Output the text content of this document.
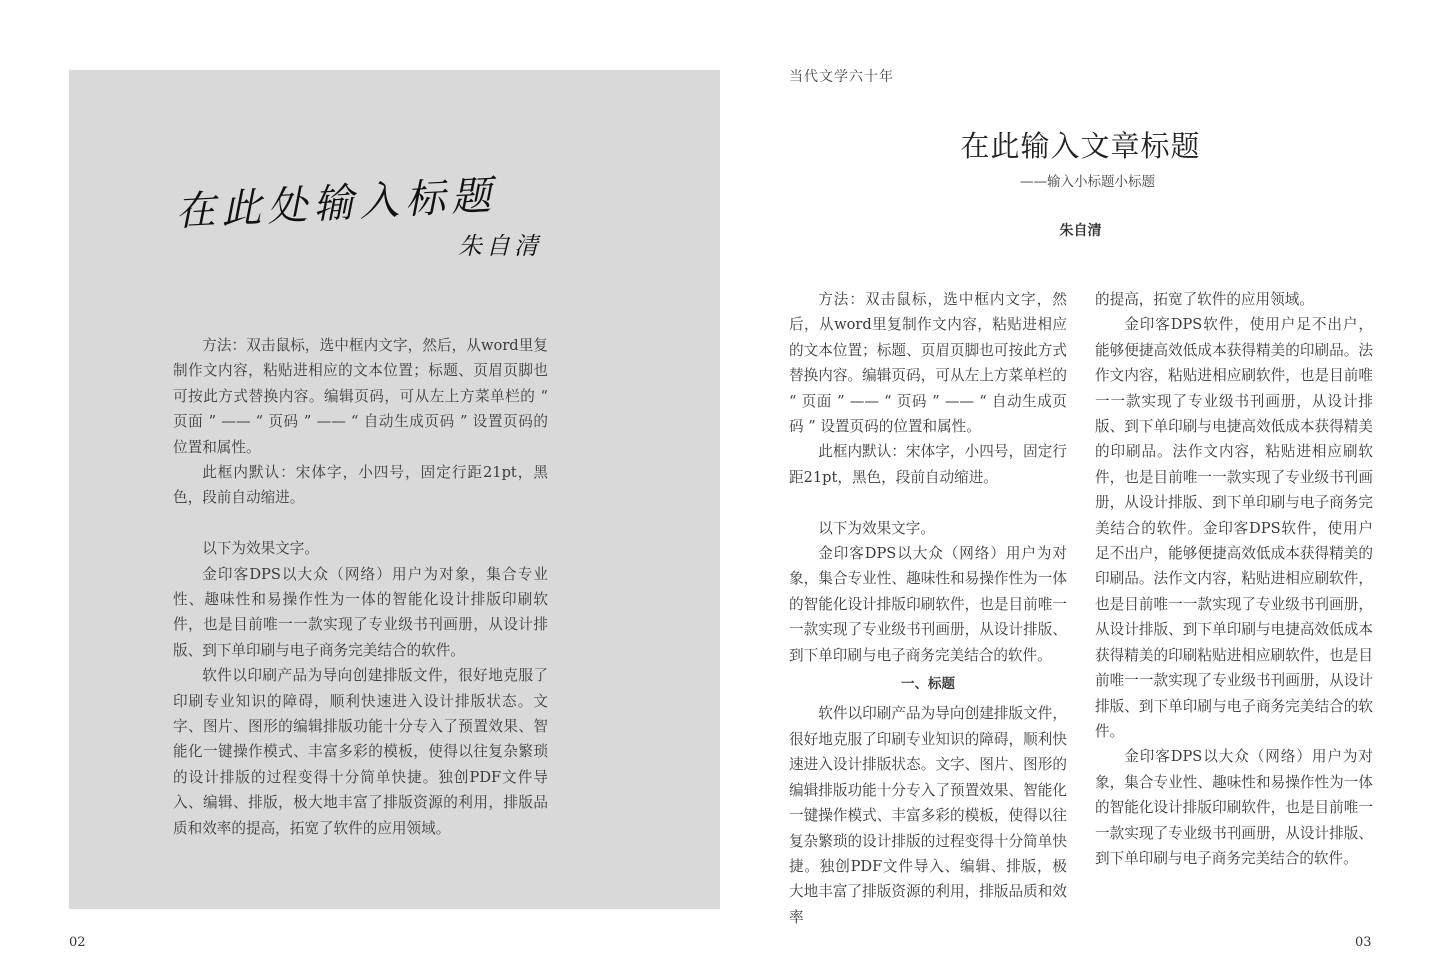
在此处输入标题
朱自清

方法：双击鼠标，选中框内文字，然后，从word里复制作文内容，粘贴进相应的文本位置；标题、页眉页脚也可按此方式替换内容。编辑页码，可从左上方菜单栏的 “ 页面 ” —— “ 页码 ” —— “ 自动生成页码 ” 设置页码的位置和属性。

此框内默认：宋体字，小四号，固定行距21pt，黑色，段前自动缩进。

以下为效果文字。

金印客DPS以大众（网络）用户为对象，集合专业性、趣味性和易操作性为一体的智能化设计排版印刷软件，也是目前唯一一款实现了专业级书刊画册，从设计排版、到下单印刷与电子商务完美结合的软件。

软件以印刷产品为导向创建排版文件，很好地克服了印刷专业知识的障碍，顺利快速进入设计排版状态。文字、图片、图形的编辑排版功能十分专入了预置效果、智能化一键操作模式、丰富多彩的模板，使得以往复杂繁琐的设计排版的过程变得十分简单快捷。独创PDF文件导入、编辑、排版，极大地丰富了排版资源的利用，排版品质和效率的提高，拓宽了软件的应用领域。

02
当代文学六十年
在此输入文章标题
——输入小标题小标题
朱自清

方法：双击鼠标，选中框内文字，然后，从word里复制作文内容，粘贴进相应的文本位置；标题、页眉页脚也可按此方式替换内容。编辑页码，可从左上方菜单栏的 “ 页面 ” —— “ 页码 ” —— “ 自动生成页码 ” 设置页码的位置和属性。

此框内默认：宋体字，小四号，固定行距21pt，黑色，段前自动缩进。

以下为效果文字。

金印客DPS以大众（网络）用户为对象，集合专业性、趣味性和易操作性为一体的智能化设计排版印刷软件，也是目前唯一一款实现了专业级书刊画册，从设计排版、到下单印刷与电子商务完美结合的软件。

一、标题

软件以印刷产品为导向创建排版文件，很好地克服了印刷专业知识的障碍，顺利快速进入设计排版状态。文字、图片、图形的编辑排版功能十分专入了预置效果、智能化一键操作模式、丰富多彩的模板，使得以往复杂繁琐的设计排版的过程变得十分简单快捷。独创PDF文件导入、编辑、排版，极大地丰富了排版资源的利用，排版品质和效率

的提高，拓宽了软件的应用领域。

金印客DPS软件，使用户足不出户，能够便捷高效低成本获得精美的印刷品。法作文内容，粘贴进相应刷软件，也是目前唯一一款实现了专业级书刊画册，从设计排版、到下单印刷与电捷高效低成本获得精美的印刷品。法作文内容，粘贴进相应刷软件，也是目前唯一一款实现了专业级书刊画册，从设计排版、到下单印刷与电子商务完美结合的软件。金印客DPS软件，使用户足不出户，能够便捷高效低成本获得精美的印刷品。法作文内容，粘贴进相应刷软件，也是目前唯一一款实现了专业级书刊画册，从设计排版、到下单印刷与电捷高效低成本获得精美的印刷粘贴进相应刷软件，也是目前唯一一款实现了专业级书刊画册，从设计排版、到下单印刷与电子商务完美结合的软件。

金印客DPS以大众（网络）用户为对象，集合专业性、趣味性和易操作性为一体的智能化设计排版印刷软件，也是目前唯一一款实现了专业级书刊画册，从设计排版、到下单印刷与电子商务完美结合的软件。

03
